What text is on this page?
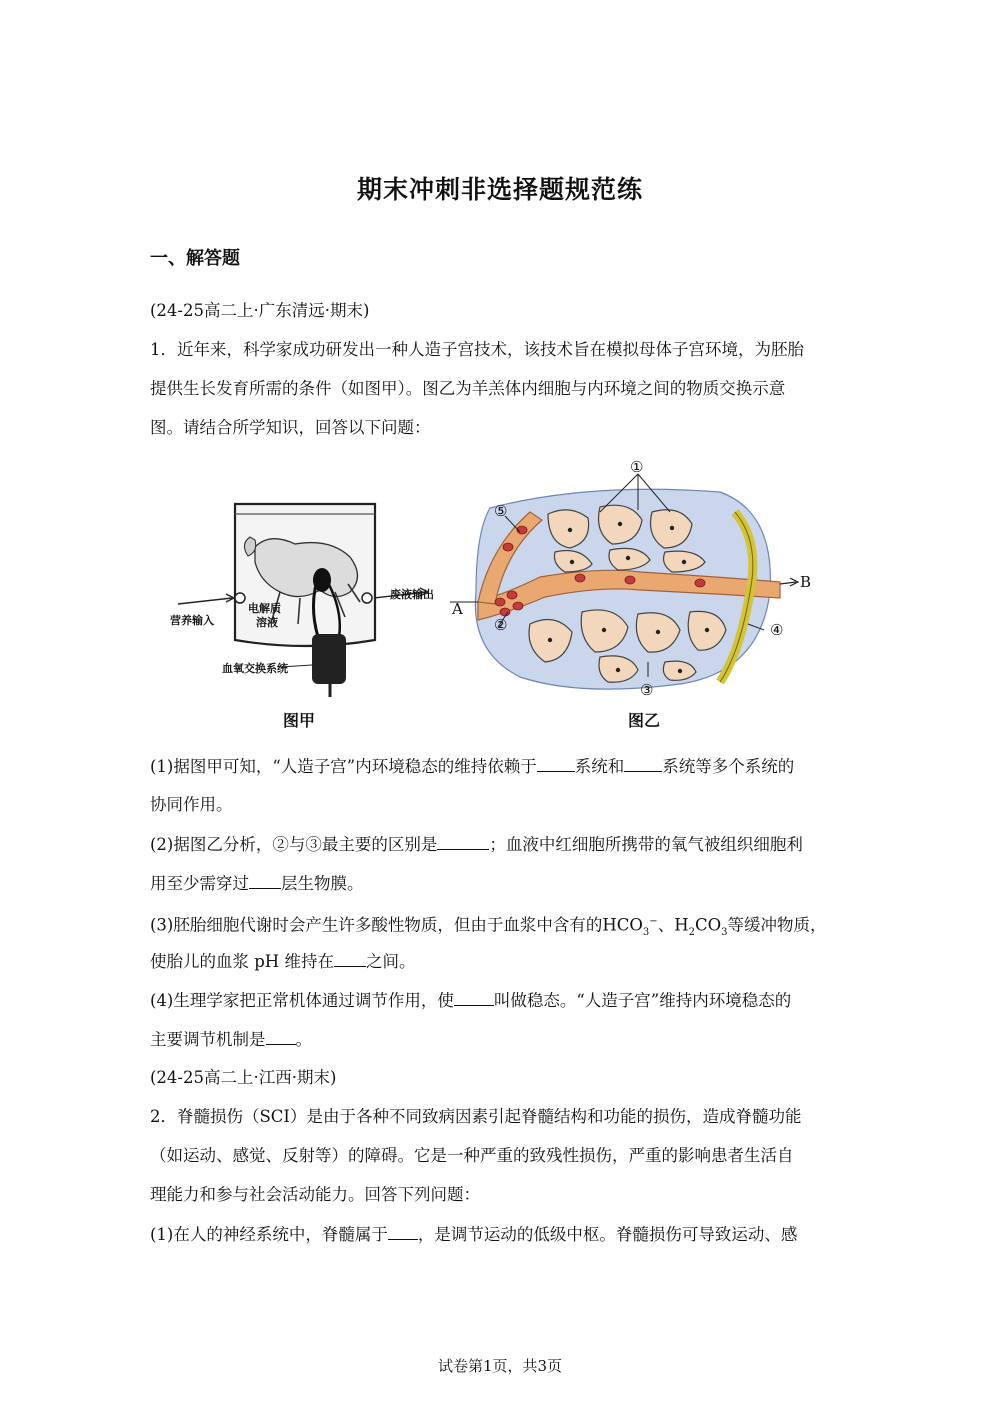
期末冲刺非选择题规范练
一、解答题
(24-25高二上·广东清远·期末)
1．近年来，科学家成功研发出一种人造子宫技术，该技术旨在模拟母体子宫环境，为胚胎
提供生长发育所需的条件（如图甲）。图乙为羊羔体内细胞与内环境之间的物质交换示意
图。请结合所学知识，回答以下问题：
营养输入
废液输出
电解质
溶液
血氧交换系统
①
②
③
④
⑤
A
B
图甲	图乙
(1)据图甲可知，“人造子宫”内环境稳态的维持依赖于 系统和 系统等多个系统的
协同作用。
(2)据图乙分析，②与③最主要的区别是	；血液中红细胞所携带的氧气被组织细胞利
用至少需穿过 层生物膜。
(3)胚胎细胞代谢时会产生许多酸性物质，但由于血浆中含有的$HCO_3^-$、$H_2CO_3$等缓冲物质，
使胎儿的血浆 pH 维持在 之间。
(4)生理学家把正常机体通过调节作用，使 叫做稳态。“人造子宫”维持内环境稳态的
主要调节机制是 。
(24-25高二上·江西·期末)
2．脊髓损伤（SCI）是由于各种不同致病因素引起脊髓结构和功能的损伤，造成脊髓功能
（如运动、感觉、反射等）的障碍。它是一种严重的致残性损伤，严重的影响患者生活自
理能力和参与社会活动能力。回答下列问题：
(1)在人的神经系统中，脊髓属于 ，是调节运动的低级中枢。脊髓损伤可导致运动、感
试卷第1页，共3页
